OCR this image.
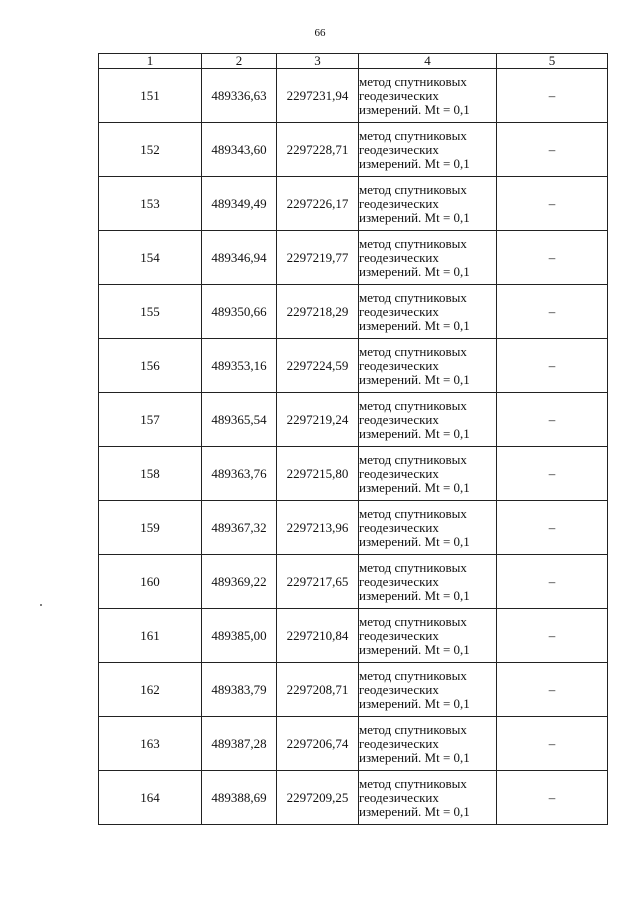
66
1	2	3	4	5
151	489336,63	2297231,94	метод спутниковых геодезических измерений. Mt = 0,1	–
152	489343,60	2297228,71	метод спутниковых геодезических измерений. Mt = 0,1	–
153	489349,49	2297226,17	метод спутниковых геодезических измерений. Mt = 0,1	–
154	489346,94	2297219,77	метод спутниковых геодезических измерений. Mt = 0,1	–
155	489350,66	2297218,29	метод спутниковых геодезических измерений. Mt = 0,1	–
156	489353,16	2297224,59	метод спутниковых геодезических измерений. Mt = 0,1	–
157	489365,54	2297219,24	метод спутниковых геодезических измерений. Mt = 0,1	–
158	489363,76	2297215,80	метод спутниковых геодезических измерений. Mt = 0,1	–
159	489367,32	2297213,96	метод спутниковых геодезических измерений. Mt = 0,1	–
160	489369,22	2297217,65	метод спутниковых геодезических измерений. Mt = 0,1	–
161	489385,00	2297210,84	метод спутниковых геодезических измерений. Mt = 0,1	–
162	489383,79	2297208,71	метод спутниковых геодезических измерений. Mt = 0,1	–
163	489387,28	2297206,74	метод спутниковых геодезических измерений. Mt = 0,1	–
164	489388,69	2297209,25	метод спутниковых геодезических измерений. Mt = 0,1	–
